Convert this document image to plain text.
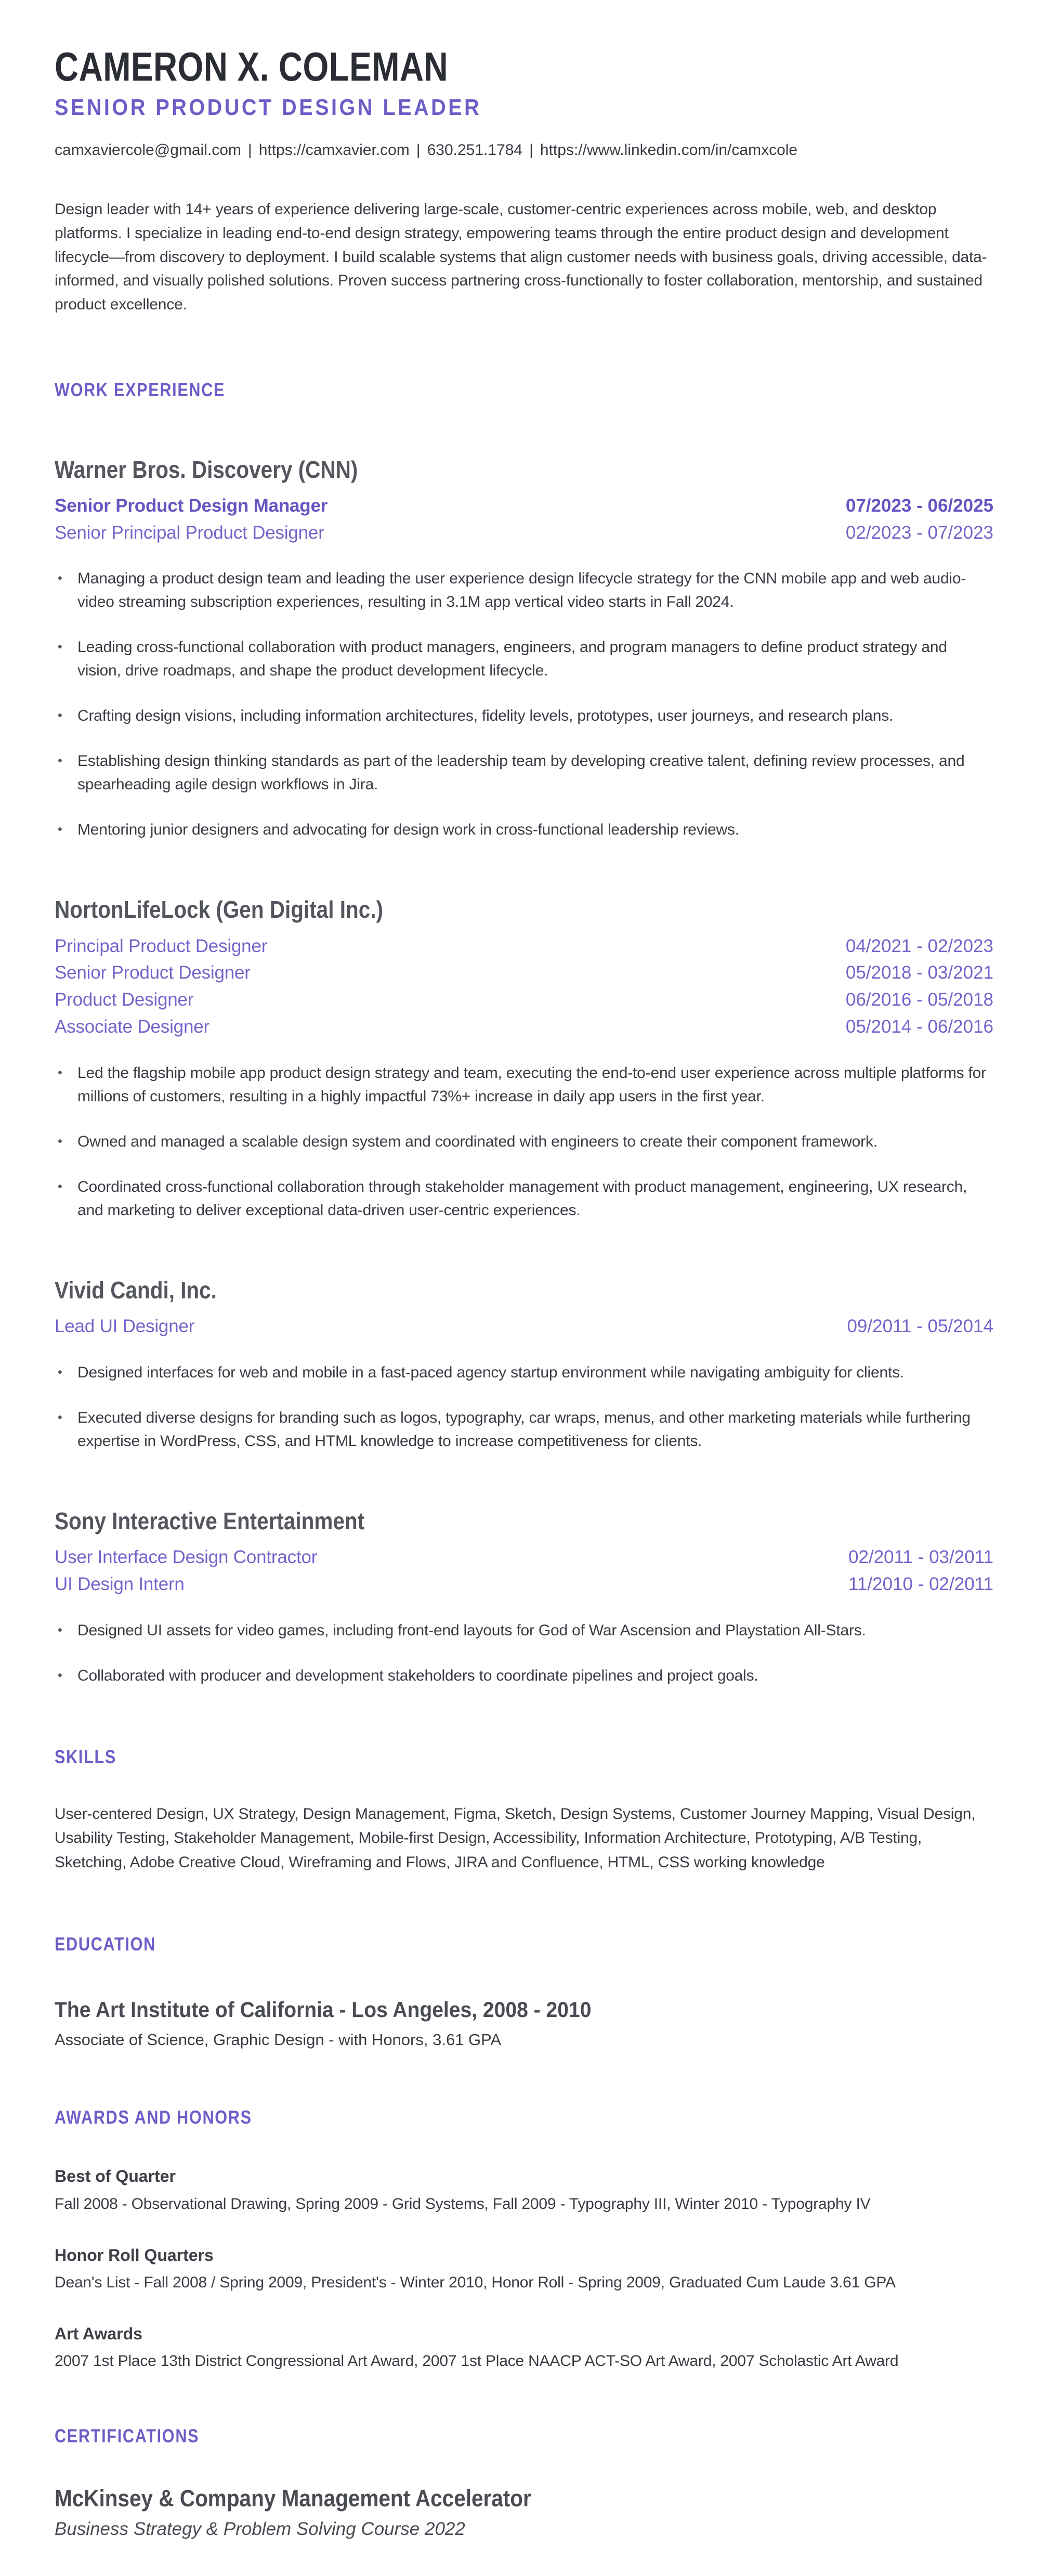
CAMERON X. COLEMAN
SENIOR PRODUCT DESIGN LEADER
camxaviercole@gmail.com | https://camxavier.com | 630.251.1784 | https://www.linkedin.com/in/camxcole
Design leader with 14+ years of experience delivering large-scale, customer-centric experiences across mobile, web, and desktop platforms. I specialize in leading end-to-end design strategy, empowering teams through the entire product design and development lifecycle—from discovery to deployment. I build scalable systems that align customer needs with business goals, driving accessible, data-informed, and visually polished solutions. Proven success partnering cross-functionally to foster collaboration, mentorship, and sustained product excellence.
WORK EXPERIENCE
Warner Bros. Discovery (CNN)
Senior Product Design Manager	07/2023 - 06/2025
Senior Principal Product Designer	02/2023 - 07/2023
• Managing a product design team and leading the user experience design lifecycle strategy for the CNN mobile app and web audio-video streaming subscription experiences, resulting in 3.1M app vertical video starts in Fall 2024.
• Leading cross-functional collaboration with product managers, engineers, and program managers to define product strategy and vision, drive roadmaps, and shape the product development lifecycle.
• Crafting design visions, including information architectures, fidelity levels, prototypes, user journeys, and research plans.
• Establishing design thinking standards as part of the leadership team by developing creative talent, defining review processes, and spearheading agile design workflows in Jira.
• Mentoring junior designers and advocating for design work in cross-functional leadership reviews.
NortonLifeLock (Gen Digital Inc.)
Principal Product Designer	04/2021 - 02/2023
Senior Product Designer	05/2018 - 03/2021
Product Designer	06/2016 - 05/2018
Associate Designer	05/2014 - 06/2016
• Led the flagship mobile app product design strategy and team, executing the end-to-end user experience across multiple platforms for millions of customers, resulting in a highly impactful 73%+ increase in daily app users in the first year.
• Owned and managed a scalable design system and coordinated with engineers to create their component framework.
• Coordinated cross-functional collaboration through stakeholder management with product management, engineering, UX research, and marketing to deliver exceptional data-driven user-centric experiences.
Vivid Candi, Inc.
Lead UI Designer	09/2011 - 05/2014
• Designed interfaces for web and mobile in a fast-paced agency startup environment while navigating ambiguity for clients.
• Executed diverse designs for branding such as logos, typography, car wraps, menus, and other marketing materials while furthering expertise in WordPress, CSS, and HTML knowledge to increase competitiveness for clients.
Sony Interactive Entertainment
User Interface Design Contractor	02/2011 - 03/2011
UI Design Intern	11/2010 - 02/2011
• Designed UI assets for video games, including front-end layouts for God of War Ascension and Playstation All-Stars.
• Collaborated with producer and development stakeholders to coordinate pipelines and project goals.
SKILLS
User-centered Design, UX Strategy, Design Management, Figma, Sketch, Design Systems, Customer Journey Mapping, Visual Design, Usability Testing, Stakeholder Management, Mobile-first Design, Accessibility, Information Architecture, Prototyping, A/B Testing, Sketching, Adobe Creative Cloud, Wireframing and Flows, JIRA and Confluence, HTML, CSS working knowledge
EDUCATION
The Art Institute of California - Los Angeles, 2008 - 2010
Associate of Science, Graphic Design - with Honors, 3.61 GPA
AWARDS AND HONORS
Best of Quarter
Fall 2008 - Observational Drawing, Spring 2009 - Grid Systems, Fall 2009 - Typography III, Winter 2010 - Typography IV
Honor Roll Quarters
Dean's List - Fall 2008 / Spring 2009, President's - Winter 2010, Honor Roll - Spring 2009, Graduated Cum Laude 3.61 GPA
Art Awards
2007 1st Place 13th District Congressional Art Award, 2007 1st Place NAACP ACT-SO Art Award, 2007 Scholastic Art Award
CERTIFICATIONS
McKinsey & Company Management Accelerator
Business Strategy & Problem Solving Course 2022
